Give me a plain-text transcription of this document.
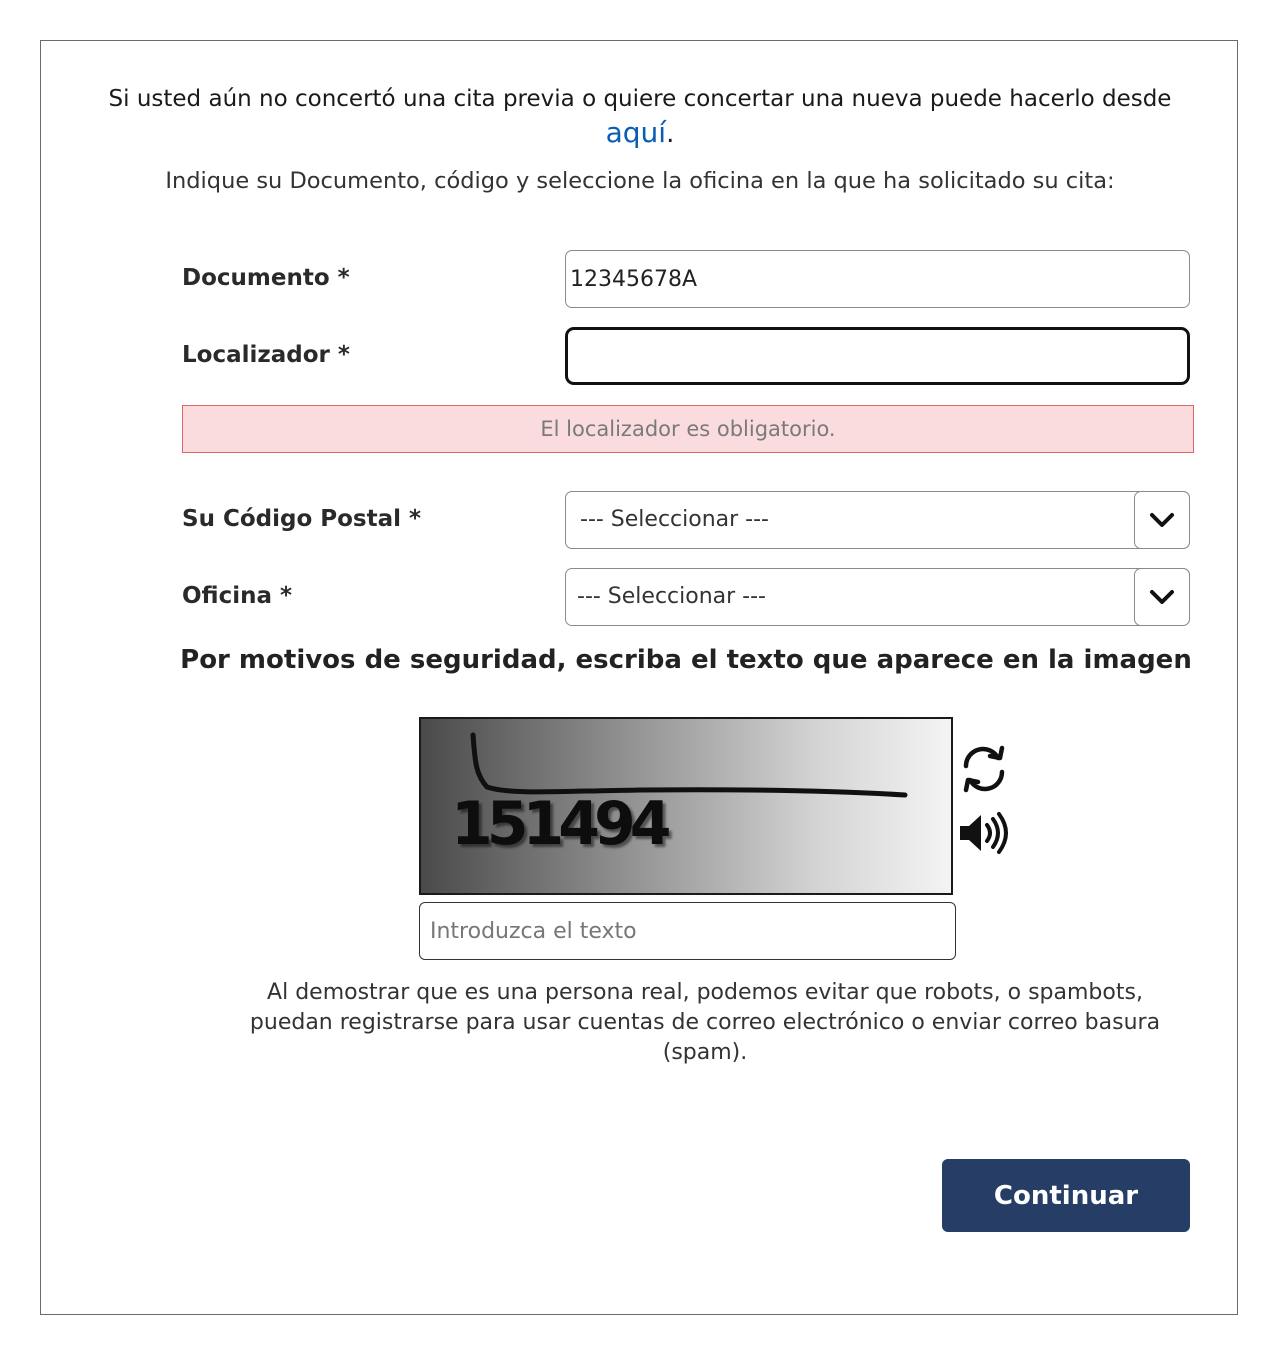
Si usted aún no concertó una cita previa o quiere concertar una nueva puede hacerlo desde
aquí.
Indique su Documento, código y seleccione la oficina en la que ha solicitado su cita:
Documento *
12345678A
Localizador *
El localizador es obligatorio.
Su Código Postal *	--- Seleccionar ---
Oficina *	--- Seleccionar ---
Por motivos de seguridad, escriba el texto que aparece en la imagen
151494
Introduzca el texto
Al demostrar que es una persona real, podemos evitar que robots, o spambots, puedan registrarse para usar cuentas de correo electrónico o enviar correo basura (spam).
Continuar
